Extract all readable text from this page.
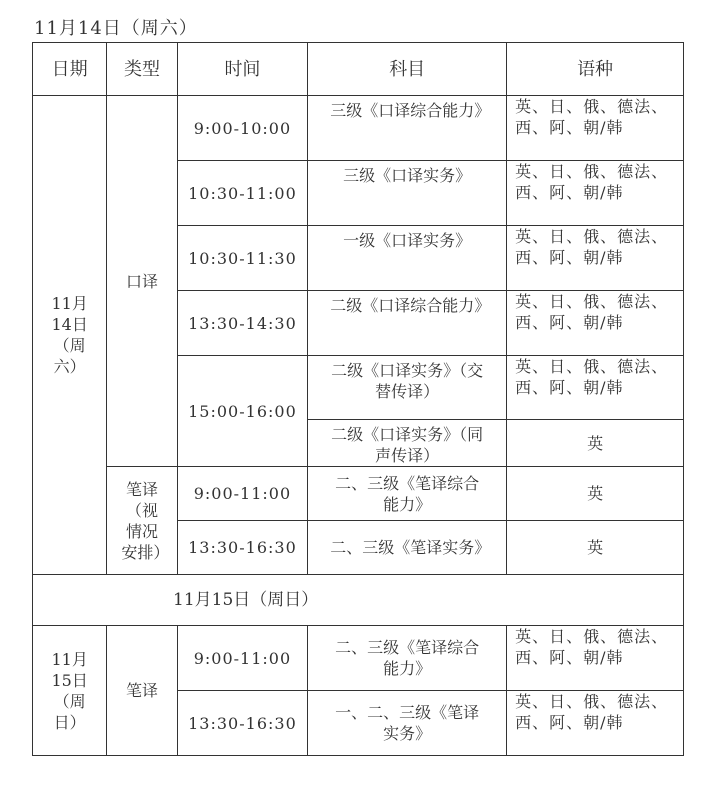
11月14日（周六）
日期	类型	时间	科目	语种
11月14日（周六）	口译	9:00-10:00	三级《口译综合能力》	英、日、俄、德法、西、阿、朝/韩
		10:30-11:00	三级《口译实务》	英、日、俄、德法、西、阿、朝/韩
		10:30-11:30	一级《口译实务》	英、日、俄、德法、西、阿、朝/韩
		13:30-14:30	二级《口译综合能力》	英、日、俄、德法、西、阿、朝/韩
		15:00-16:00	二级《口译实务》（交替传译）	英、日、俄、德法、西、阿、朝/韩
			二级《口译实务》（同声传译）	英
	笔译（视情况安排）	9:00-11:00	二、三级《笔译综合能力》	英
		13:30-16:30	二、三级《笔译实务》	英
11月15日（周日）				
11月15日（周日）	笔译	9:00-11:00	二、三级《笔译综合能力》	英、日、俄、德法、西、阿、朝/韩
		13:30-16:30	一、二、三级《笔译实务》	英、日、俄、德法、西、阿、朝/韩
